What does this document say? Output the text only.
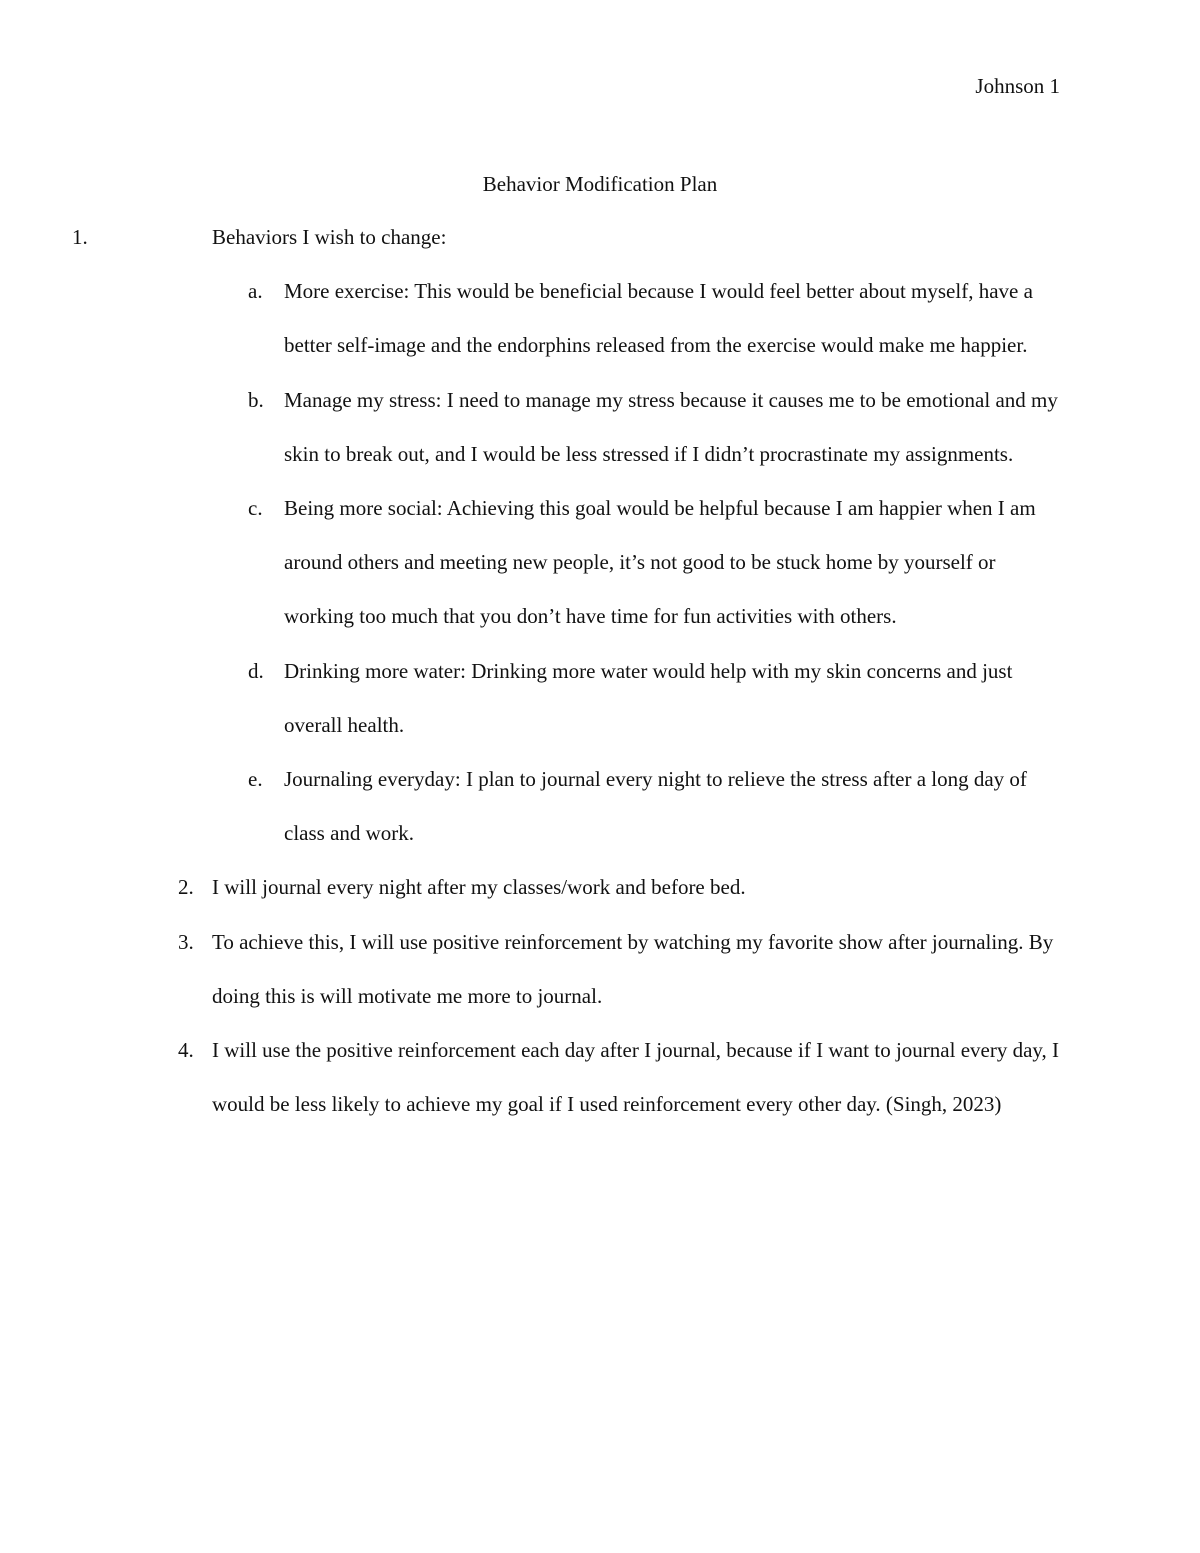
Johnson 1
Behavior Modification Plan
1.	Behaviors I wish to change:
a. More exercise: This would be beneficial because I would feel better about myself, have a better self-image and the endorphins released from the exercise would make me happier.
b. Manage my stress: I need to manage my stress because it causes me to be emotional and my skin to break out, and I would be less stressed if I didn’t procrastinate my assignments.
c. Being more social: Achieving this goal would be helpful because I am happier when I am around others and meeting new people, it’s not good to be stuck home by yourself or working too much that you don’t have time for fun activities with others.
d. Drinking more water: Drinking more water would help with my skin concerns and just overall health.
e. Journaling everyday: I plan to journal every night to relieve the stress after a long day of class and work.
2. I will journal every night after my classes/work and before bed.
3. To achieve this, I will use positive reinforcement by watching my favorite show after journaling. By doing this is will motivate me more to journal.
4. I will use the positive reinforcement each day after I journal, because if I want to journal every day, I would be less likely to achieve my goal if I used reinforcement every other day. (Singh, 2023)
